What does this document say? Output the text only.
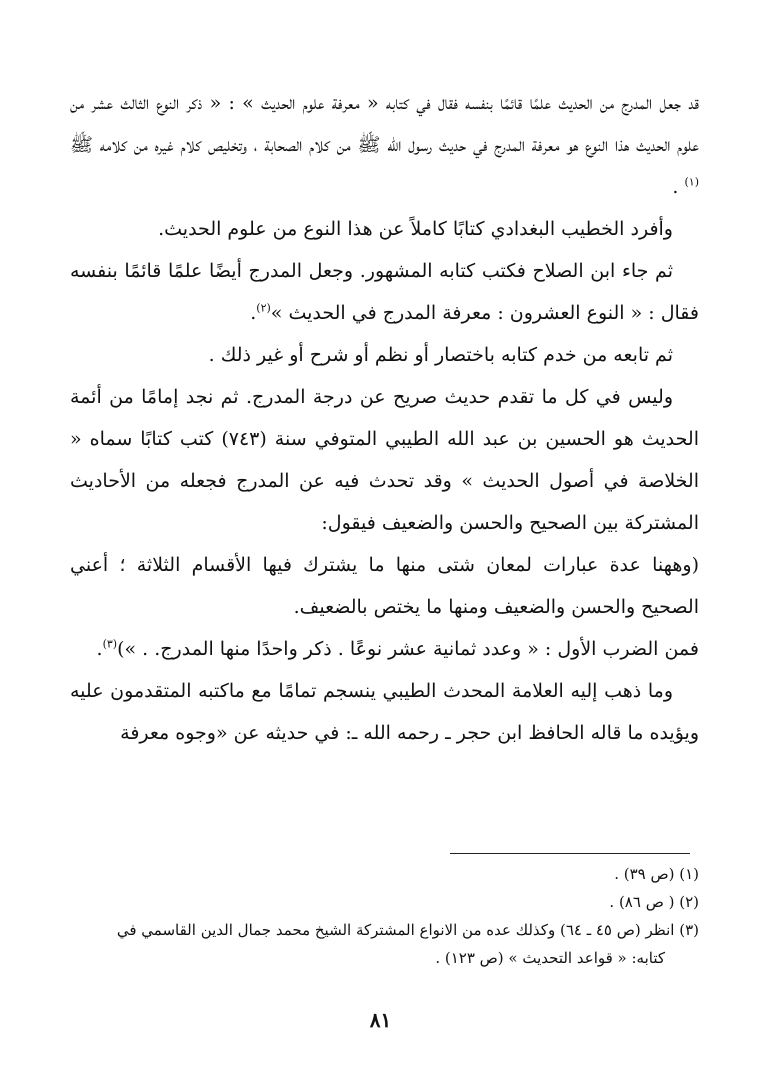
قد جعل المدرج من الحديث علمًا قائمًا بنفسه فقال في كتابه « معرفة علوم الحديث » : « ذكر النوع الثالث عشر من علوم الحديث هذا النوع هو معرفة المدرج في حديث رسول الله ﷺ من كلام الصحابة ، وتخليص كلام غيره من كلامه ﷺ $^{(١)}$ .

وأفرد الخطيب البغدادي كتابًا كاملاً عن هذا النوع من علوم الحديث.

ثم جاء ابن الصلاح فكتب كتابه المشهور. وجعل المدرج أيضًا علمًا قائمًا بنفسه فقال : « النوع العشرون : معرفة المدرج في الحديث »$^{(٢)}$.

ثم تابعه من خدم كتابه باختصار أو نظم أو شرح أو غير ذلك .

وليس في كل ما تقدم حديث صريح عن درجة المدرج. ثم نجد إمامًا من أئمة الحديث هو الحسين بن عبد الله الطيبي المتوفي سنة (٧٤٣) كتب كتابًا سماه « الخلاصة في أصول الحديث » وقد تحدث فيه عن المدرج فجعله من الأحاديث المشتركة بين الصحيح والحسن والضعيف فيقول:

(وههنا عدة عبارات لمعان شتى منها ما يشترك فيها الأقسام الثلاثة ؛ أعني الصحيح والحسن والضعيف ومنها ما يختص بالضعيف.

فمن الضرب الأول : « وعدد ثمانية عشر نوعًا . ذكر واحدًا منها المدرج. . »)$^{(٣)}$.

وما ذهب إليه العلامة المحدث الطيبي ينسجم تمامًا مع ماكتبه المتقدمون عليه ويؤيده ما قاله الحافظ ابن حجر ـ رحمه الله ـ: في حديثه عن «وجوه معرفة

(١) (ص ٣٩) .

(٢) ( ص ٨٦) .

(٣) انظر (ص ٤٥ ـ ٦٤) وكذلك عده من الانواع المشتركة الشيخ محمد جمال الدين القاسمي في

كتابه: « قواعد التحديث » (ص ١٢٣) .

٨١
